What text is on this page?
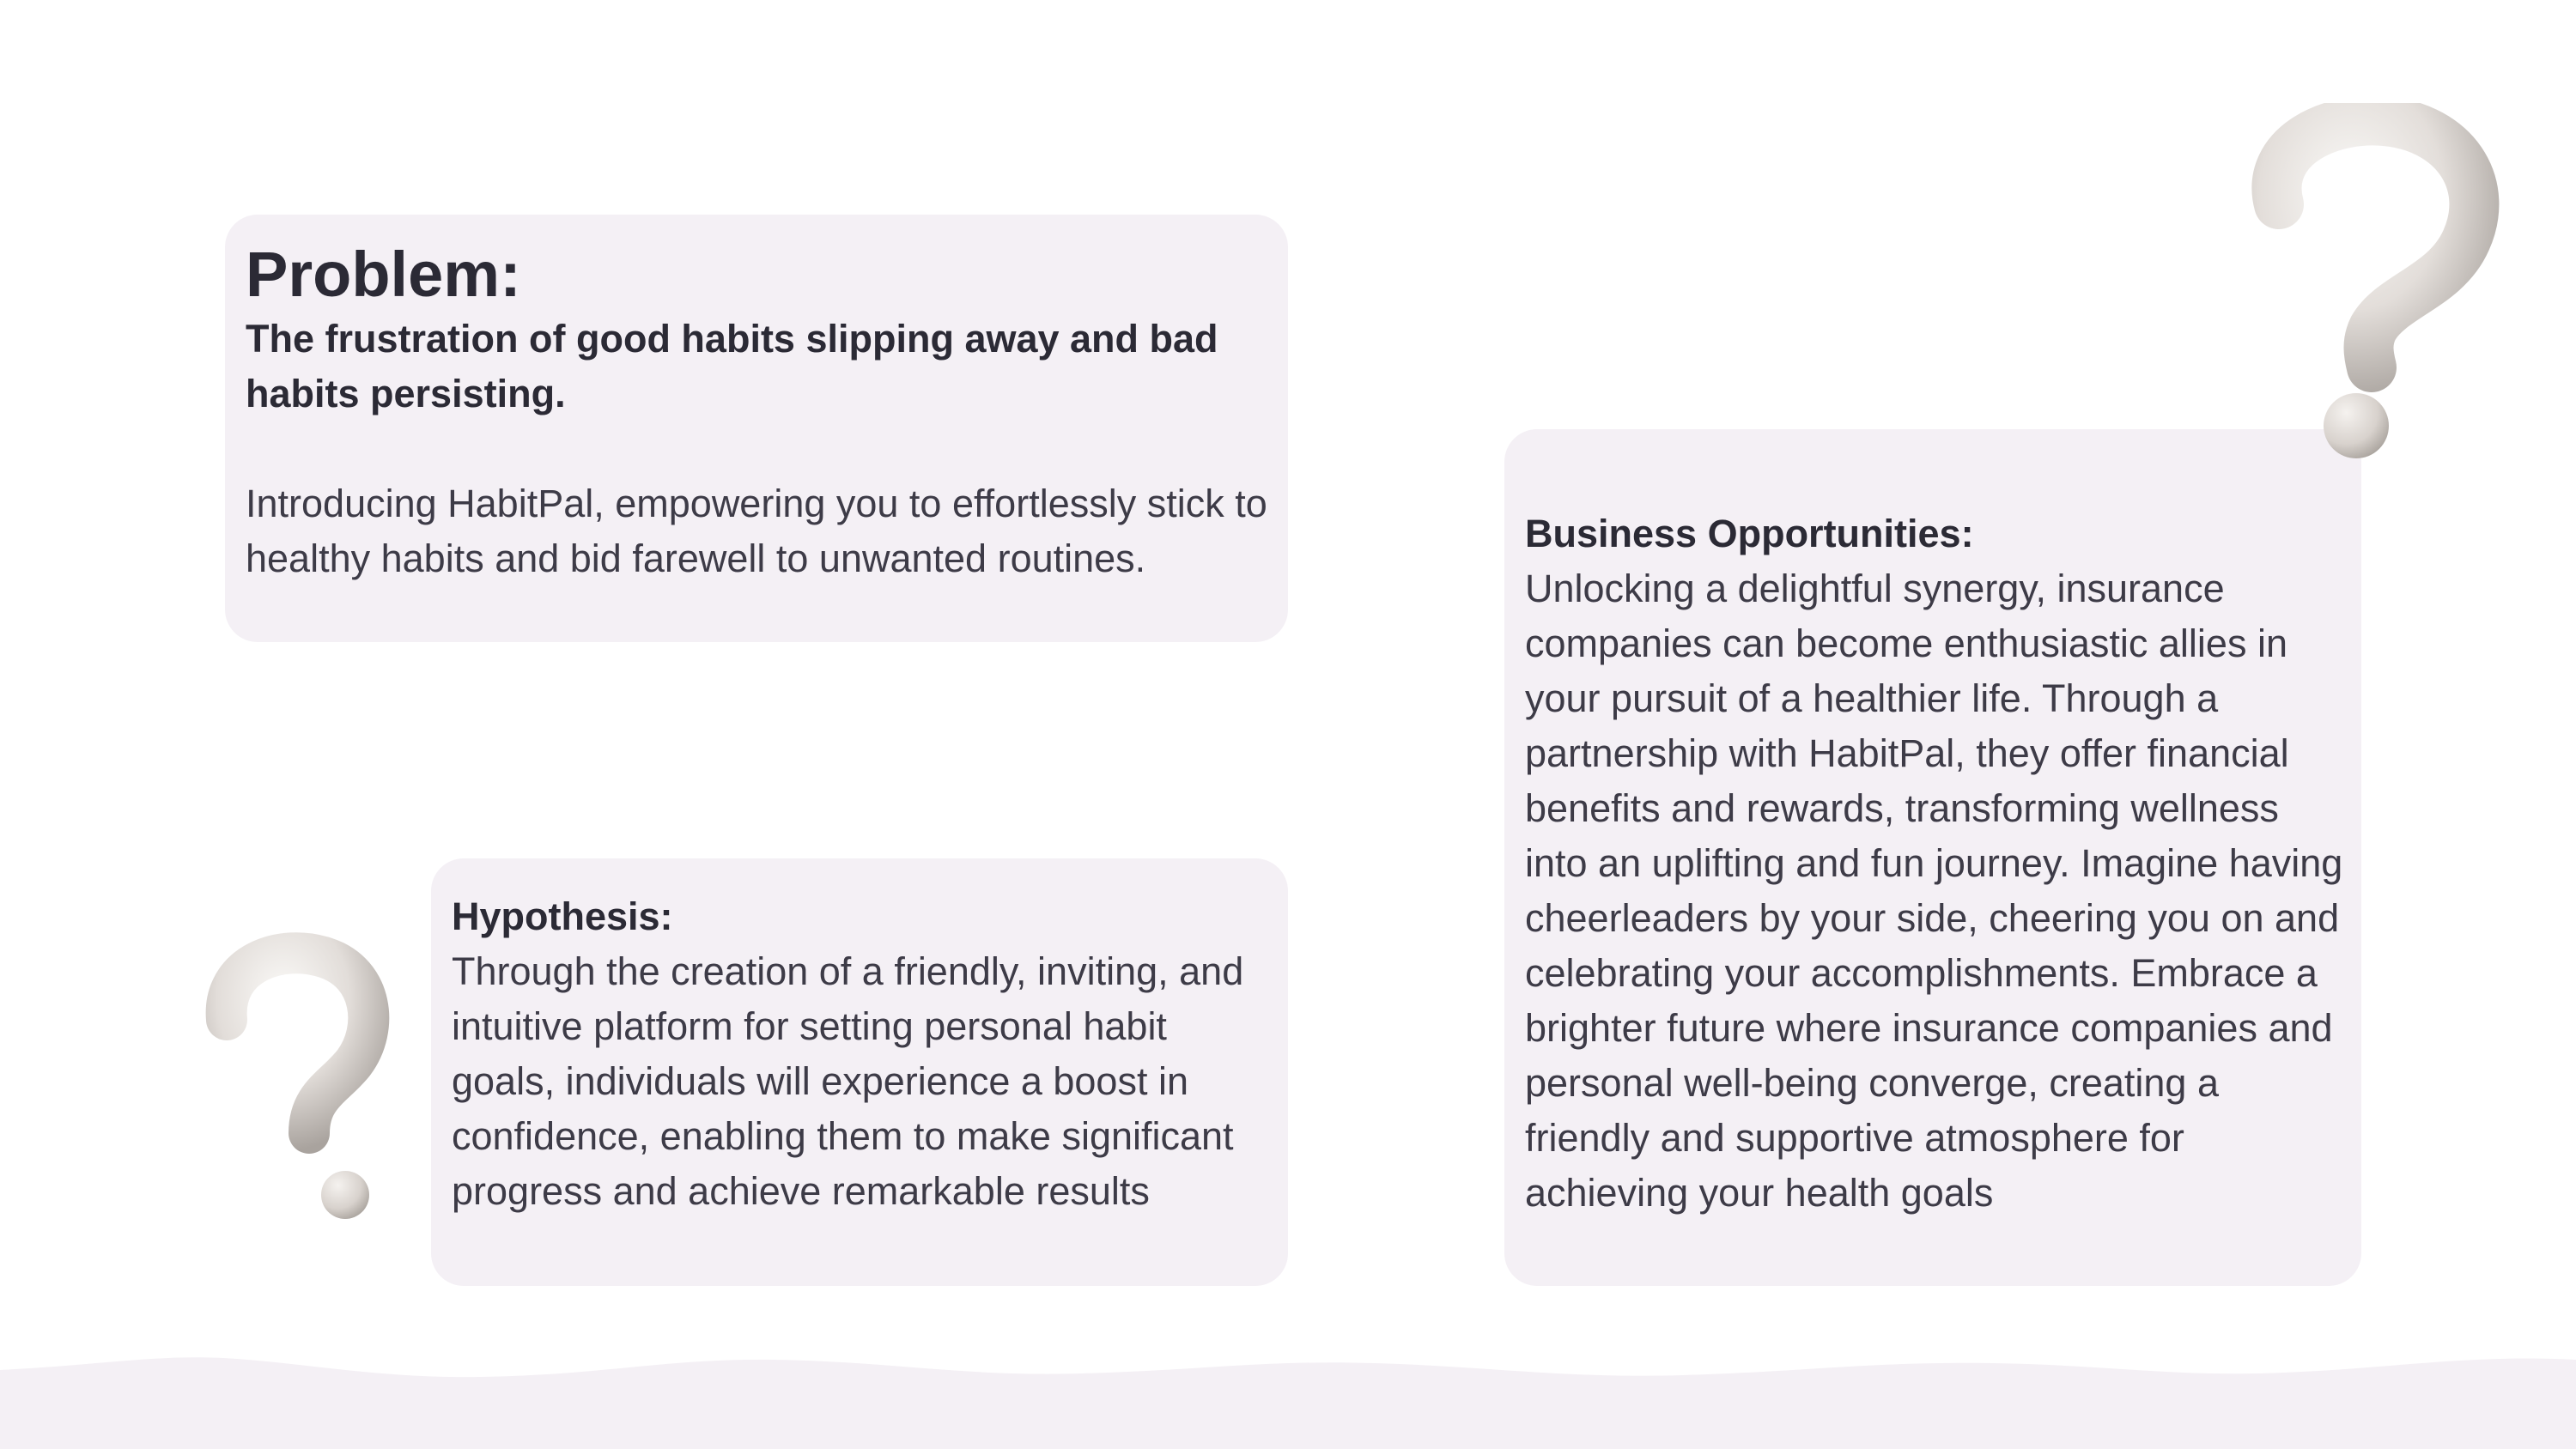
Problem:

The frustration of good habits slipping away and bad habits persisting.

Introducing HabitPal, empowering you to effortlessly stick to healthy habits and bid farewell to unwanted routines.

Hypothesis:

Through the creation of a friendly, inviting, and intuitive platform for setting personal habit goals, individuals will experience a boost in confidence, enabling them to make significant progress and achieve remarkable results

Business Opportunities:

Unlocking a delightful synergy, insurance companies can become enthusiastic allies in your pursuit of a healthier life. Through a partnership with HabitPal, they offer financial benefits and rewards, transforming wellness into an uplifting and fun journey. Imagine having cheerleaders by your side, cheering you on and celebrating your accomplishments. Embrace a brighter future where insurance companies and personal well-being converge, creating a friendly and supportive atmosphere for achieving your health goals
